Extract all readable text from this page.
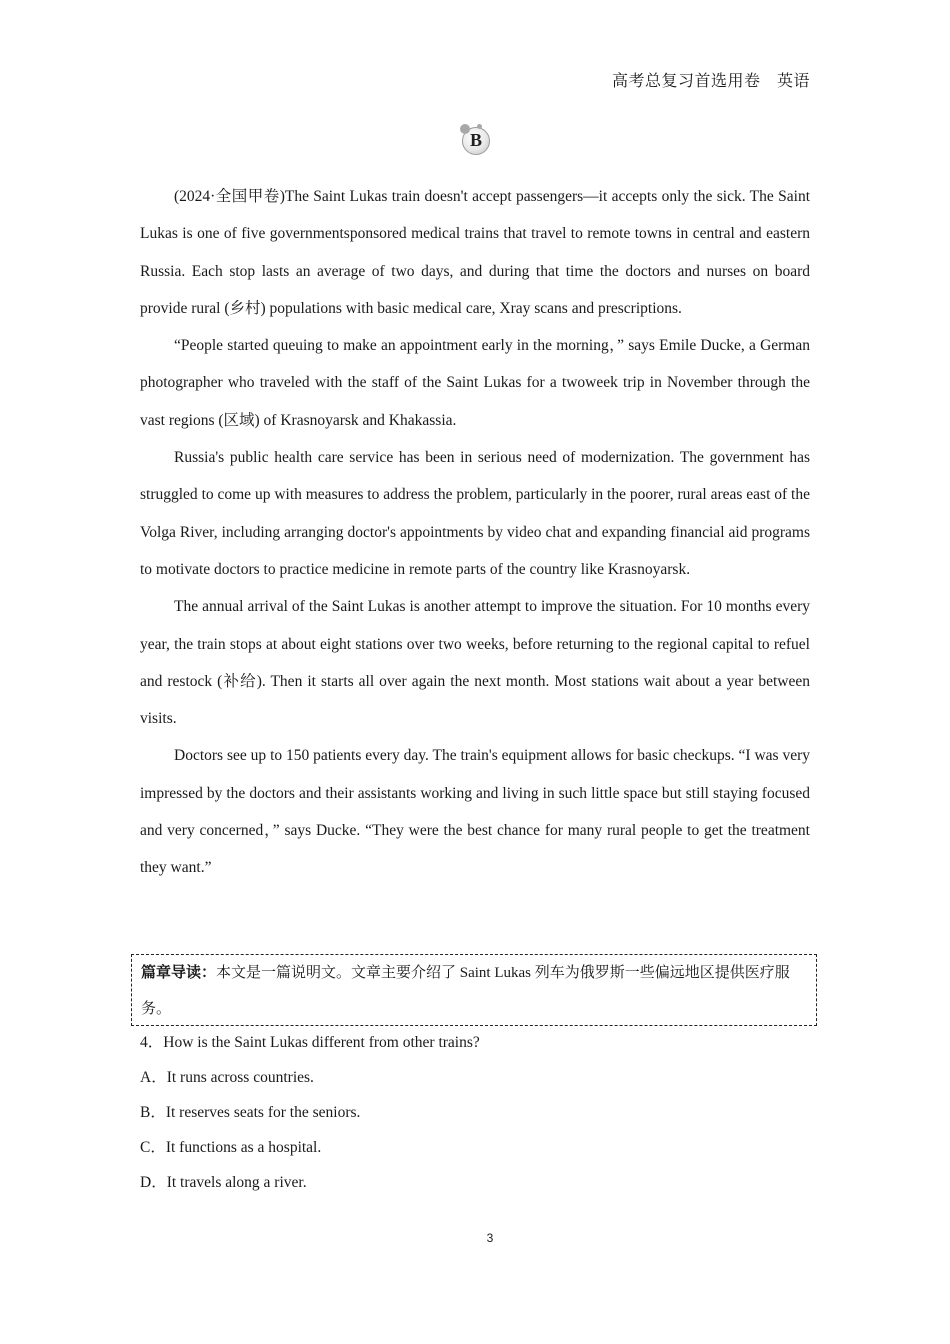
高考总复习首选用卷　英语
B

(2024·全国甲卷)The Saint Lukas train doesn't accept passengers—it accepts only the sick. The Saint Lukas is one of five governmentsponsored medical trains that travel to remote towns in central and eastern Russia. Each stop lasts an average of two days, and during that time the doctors and nurses on board provide rural (乡村) populations with basic medical care, Xray scans and prescriptions.

“People started queuing to make an appointment early in the morning，” says Emile Ducke, a German photographer who traveled with the staff of the Saint Lukas for a twoweek trip in November through the vast regions (区域) of Krasnoyarsk and Khakassia.

Russia's public health care service has been in serious need of modernization. The government has struggled to come up with measures to address the problem, particularly in the poorer, rural areas east of the Volga River, including arranging doctor's appointments by video chat and expanding financial aid programs to motivate doctors to practice medicine in remote parts of the country like Krasnoyarsk.

The annual arrival of the Saint Lukas is another attempt to improve the situation. For 10 months every year, the train stops at about eight stations over two weeks, before returning to the regional capital to refuel and restock (补给). Then it starts all over again the next month. Most stations wait about a year between visits.

Doctors see up to 150 patients every day. The train's equipment allows for basic checkups. “I was very impressed by the doctors and their assistants working and living in such little space but still staying focused and very concerned，” says Ducke. “They were the best chance for many rural people to get the treatment they want.”

篇章导读：本文是一篇说明文。文章主要介绍了 Saint Lukas 列车为俄罗斯一些偏远地区提供医疗服务。
4．How is the Saint Lukas different from other trains?
A．It runs across countries.
B．It reserves seats for the seniors.
C．It functions as a hospital.
D．It travels along a river.
3
